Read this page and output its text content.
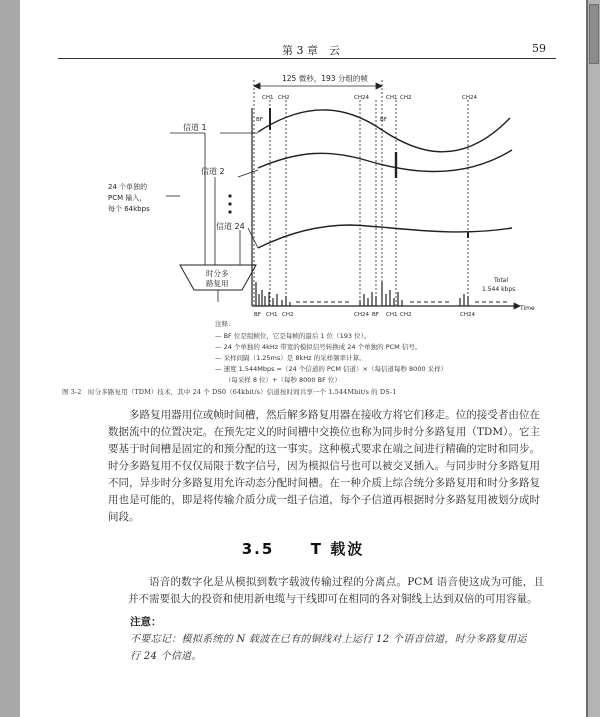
第 3 章　云	59
125 微秒，193 分组的帧
CH1 CH2	CH24	CH1 CH2	CH24
BF	BF
信道 1
信道 2
信道 24
24 个单独的
PCM 输入，
每个 64kbps
时分多
路复用	Total
1.544 kbps
Time
BF CH1 CH2	CH24 BF CH1 CH2	CH24
注释：
— BF 位是组帧位，它是每帧的最后 1 位（193 位）。
— 24 个单独的 4kHz 带宽的模拟信号转换成 24 个单独的 PCM 信号。
— 采样间隔（1.25ms）是 8kHz 的采样频率计算。
— 速度 1.544Mbps =（24 个信道的 PCM 信道）×（每信道每秒 8000 采样）
　　（每采样 8 位）+（每秒 8000 BF 位）
图 3-2　时分多路复用（TDM）技术，其中 24 个 DS0（64kbit/s）信道按时间共享一个 1.544Mbit/s 的 DS-1
多路复用器用位或帧时间槽，然后解多路复用器在接收方将它们移走。位的接受者由位在数据流中的位置决定。在预先定义的时间槽中交换位也称为同步时分多路复用（TDM）。它主要基于时间槽是固定的和预分配的这一事实。这种模式要求在端之间进行精确的定时和同步。时分多路复用不仅仅局限于数字信号，因为模拟信号也可以被交叉插入。与同步时分多路复用不同，异步时分多路复用允许动态分配时间槽。在一种介质上综合统分多路复用和时分多路复用也是可能的，即是将传输介质分成一组子信道，每个子信道再根据时分多路复用被划分成时间段。
3.5 T 载波
语音的数字化是从模拟到数字载波传输过程的分离点。PCM 语音使这成为可能，且并不需要很大的投资和使用新电缆与干线即可在相同的各对铜线上达到双倍的可用容量。
注意：
不要忘记：模拟系统的 N 载波在已有的铜线对上运行 12 个语音信道，时分多路复用运行 24 个信道。
